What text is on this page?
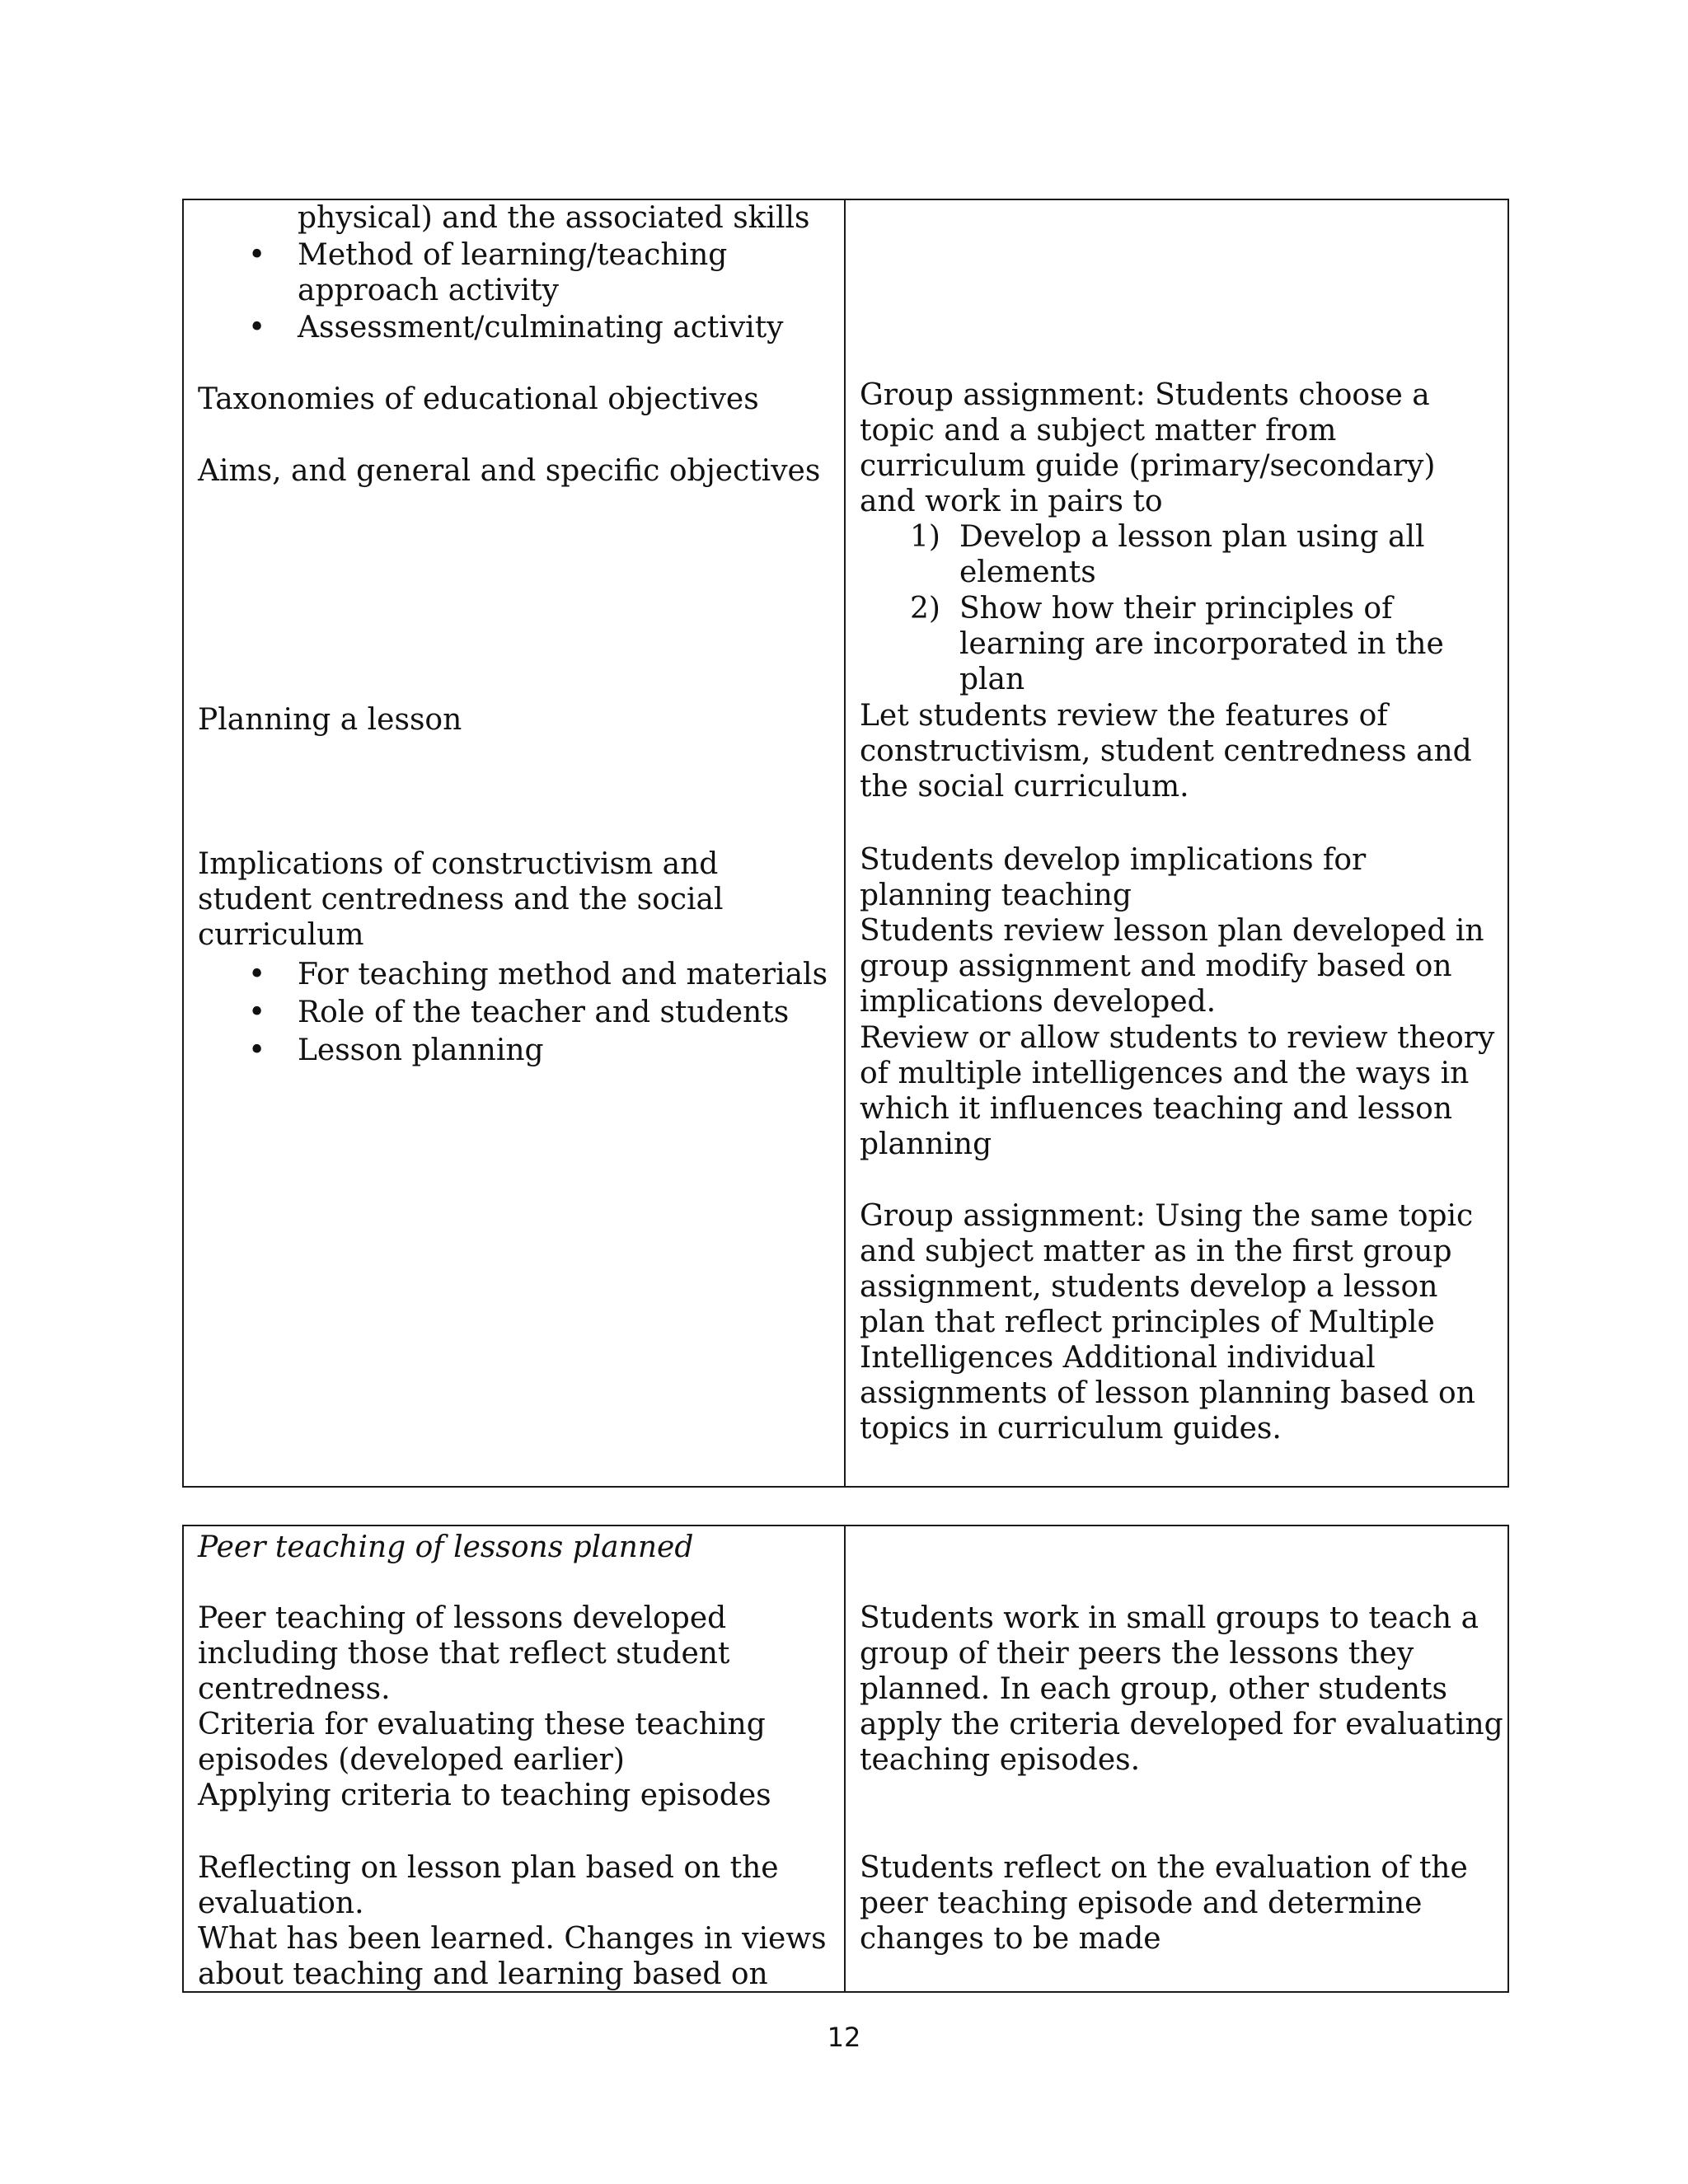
physical) and the associated skills
• Method of learning/teaching
approach activity
• Assessment/culminating activity
Taxonomies of educational objectives
Aims, and general and specific objectives
Planning a lesson
Implications of constructivism and
student centredness and the social
curriculum
• For teaching method and materials
• Role of the teacher and students
• Lesson planning
Group assignment: Students choose a
topic and a subject matter from
curriculum guide (primary/secondary)
and work in pairs to
1) Develop a lesson plan using all
elements
2) Show how their principles of
learning are incorporated in the
plan
Let students review the features of
constructivism, student centredness and
the social curriculum.
Students develop implications for
planning teaching
Students review lesson plan developed in
group assignment and modify based on
implications developed.
Review or allow students to review theory
of multiple intelligences and the ways in
which it influences teaching and lesson
planning
Group assignment: Using the same topic
and subject matter as in the first group
assignment, students develop a lesson
plan that reflect principles of Multiple
Intelligences Additional individual
assignments of lesson planning based on
topics in curriculum guides.
Peer teaching of lessons planned
Peer teaching of lessons developed
including those that reflect student
centredness.
Criteria for evaluating these teaching
episodes (developed earlier)
Applying criteria to teaching episodes
Reflecting on lesson plan based on the
evaluation.
What has been learned. Changes in views
about teaching and learning based on
Students work in small groups to teach a
group of their peers the lessons they
planned. In each group, other students
apply the criteria developed for evaluating
teaching episodes.
Students reflect on the evaluation of the
peer teaching episode and determine
changes to be made
12
